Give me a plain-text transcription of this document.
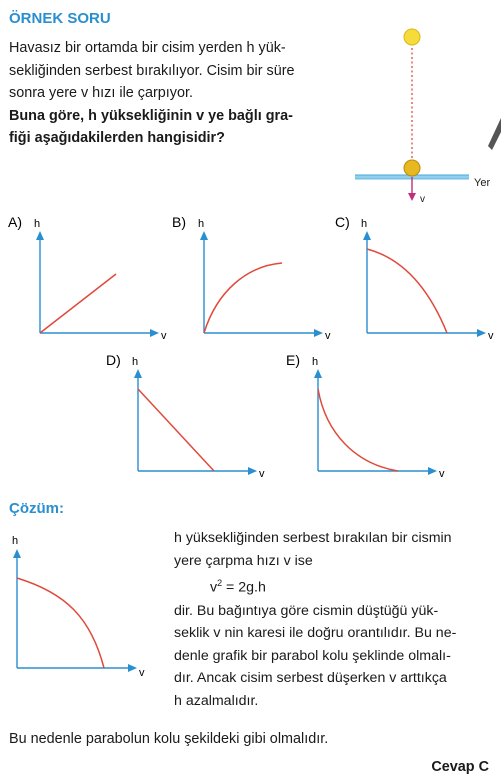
ÖRNEK SORU
Havasız bir ortamda bir cisim yerden h yük-
sekliğinden serbest bırakılıyor. Cisim bir süre
sonra yere v hızı ile çarpıyor.
Buna göre, h yüksekliğinin v ye bağlı gra-
fiği aşağıdakilerden hangisidir?
v
Yer
A) h
v
B) h
v
C) h
v
D) h
v
E) h
v
Çözüm:
h
v
h yüksekliğinden serbest bırakılan bir cismin
yere çarpma hızı v ise
$v^2 = 2g.h$
dir. Bu bağıntıya göre cismin düştüğü yük-
seklik v nin karesi ile doğru orantılıdır. Bu ne-
denle grafik bir parabol kolu şeklinde olmalı-
dır. Ancak cisim serbest düşerken v arttıkça
h azalmalıdır.
Bu nedenle parabolun kolu şekildeki gibi olmalıdır.
Cevap C
